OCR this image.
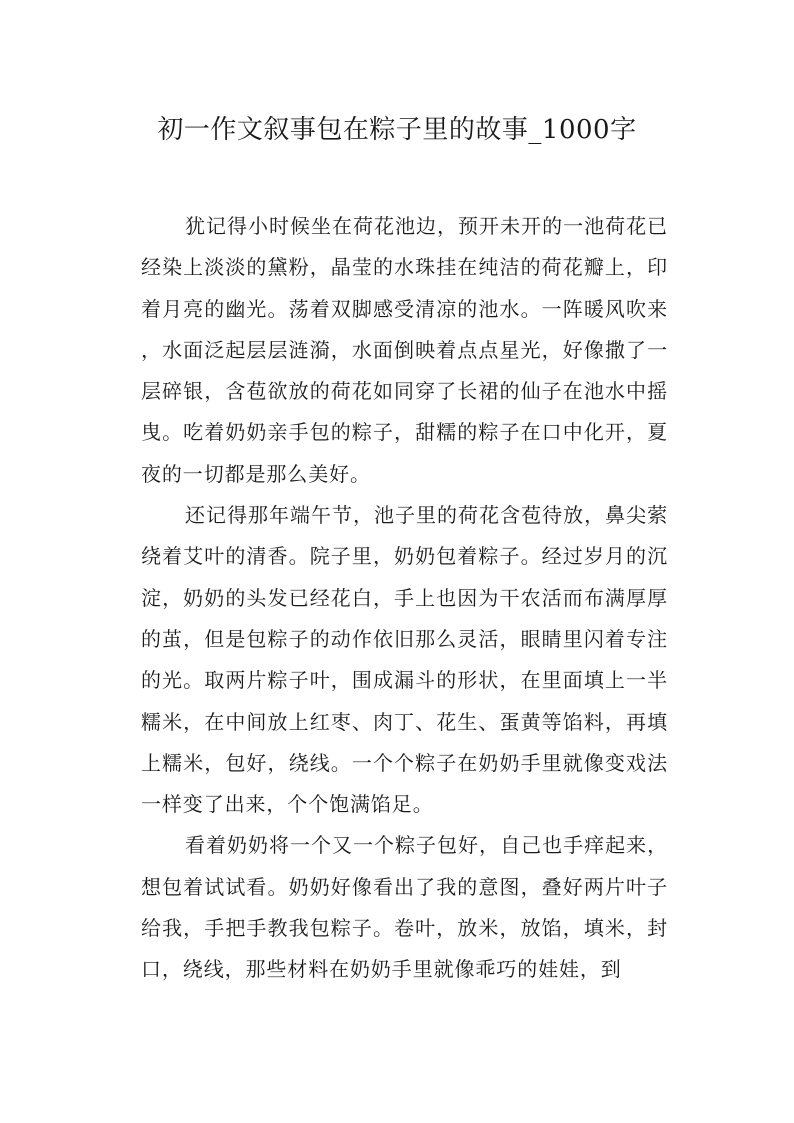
初一作文叙事包在粽子里的故事_1000字

犹记得小时候坐在荷花池边，预开未开的一池荷花已经染上淡淡的黛粉，晶莹的水珠挂在纯洁的荷花瓣上，印着月亮的幽光。荡着双脚感受清凉的池水。一阵暖风吹来，水面泛起层层涟漪，水面倒映着点点星光，好像撒了一层碎银，含苞欲放的荷花如同穿了长裙的仙子在池水中摇曳。吃着奶奶亲手包的粽子，甜糯的粽子在口中化开，夏夜的一切都是那么美好。

还记得那年端午节，池子里的荷花含苞待放，鼻尖萦绕着艾叶的清香。院子里，奶奶包着粽子。经过岁月的沉淀，奶奶的头发已经花白，手上也因为干农活而布满厚厚的茧，但是包粽子的动作依旧那么灵活，眼睛里闪着专注的光。取两片粽子叶，围成漏斗的形状，在里面填上一半糯米，在中间放上红枣、肉丁、花生、蛋黄等馅料，再填上糯米，包好，绕线。一个个粽子在奶奶手里就像变戏法一样变了出来，个个饱满馅足。

看着奶奶将一个又一个粽子包好，自己也手痒起来，想包着试试看。奶奶好像看出了我的意图，叠好两片叶子给我，手把手教我包粽子。卷叶，放米，放馅，填米，封口，绕线，那些材料在奶奶手里就像乖巧的娃娃，到
